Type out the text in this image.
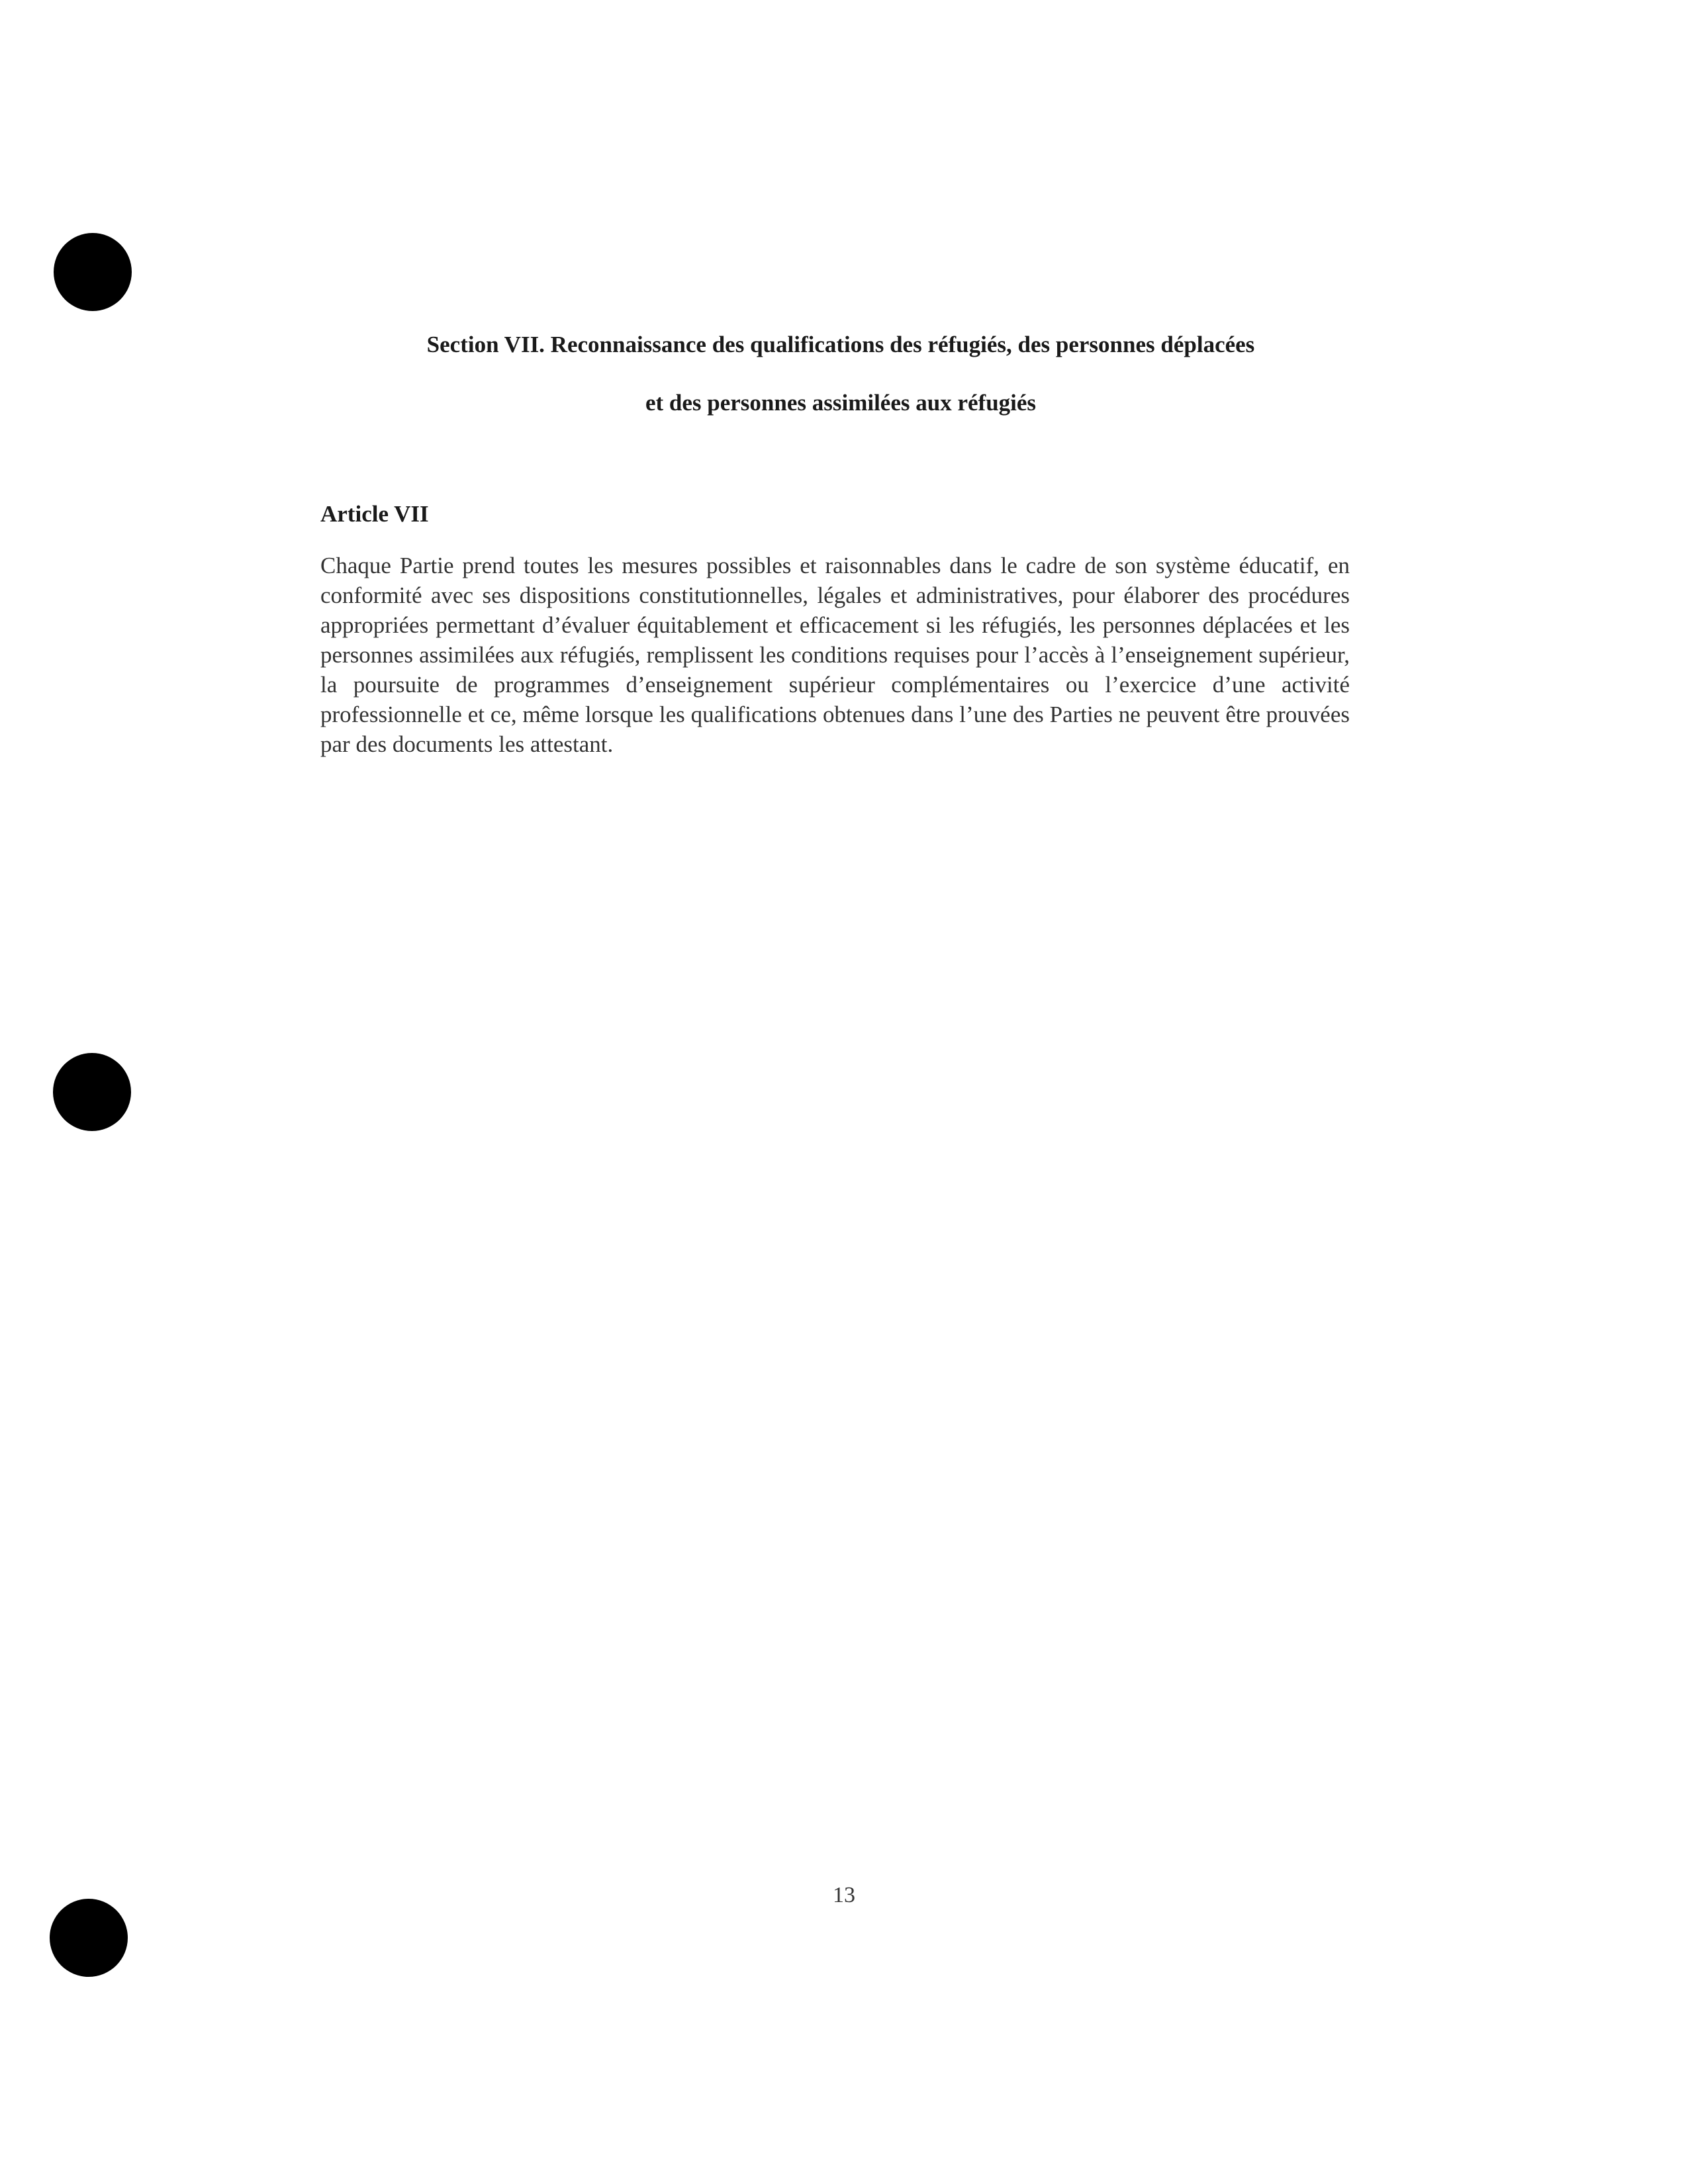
Section VII. Reconnaissance des qualifications des réfugiés, des personnes déplacées
et des personnes assimilées aux réfugiés
Article VII

Chaque Partie prend toutes les mesures possibles et raisonnables dans le cadre de son système éducatif, en conformité avec ses dispositions constitutionnelles, légales et administratives, pour élaborer des procédures appropriées permettant d’évaluer équitablement et efficacement si les réfugiés, les personnes déplacées et les personnes assimilées aux réfugiés, remplissent les conditions requises pour l’accès à l’enseignement supérieur, la poursuite de programmes d’enseignement supérieur complémentaires ou l’exercice d’une activité professionnelle et ce, même lorsque les qualifications obtenues dans l’une des Parties ne peuvent être prouvées par des documents les attestant.

13
